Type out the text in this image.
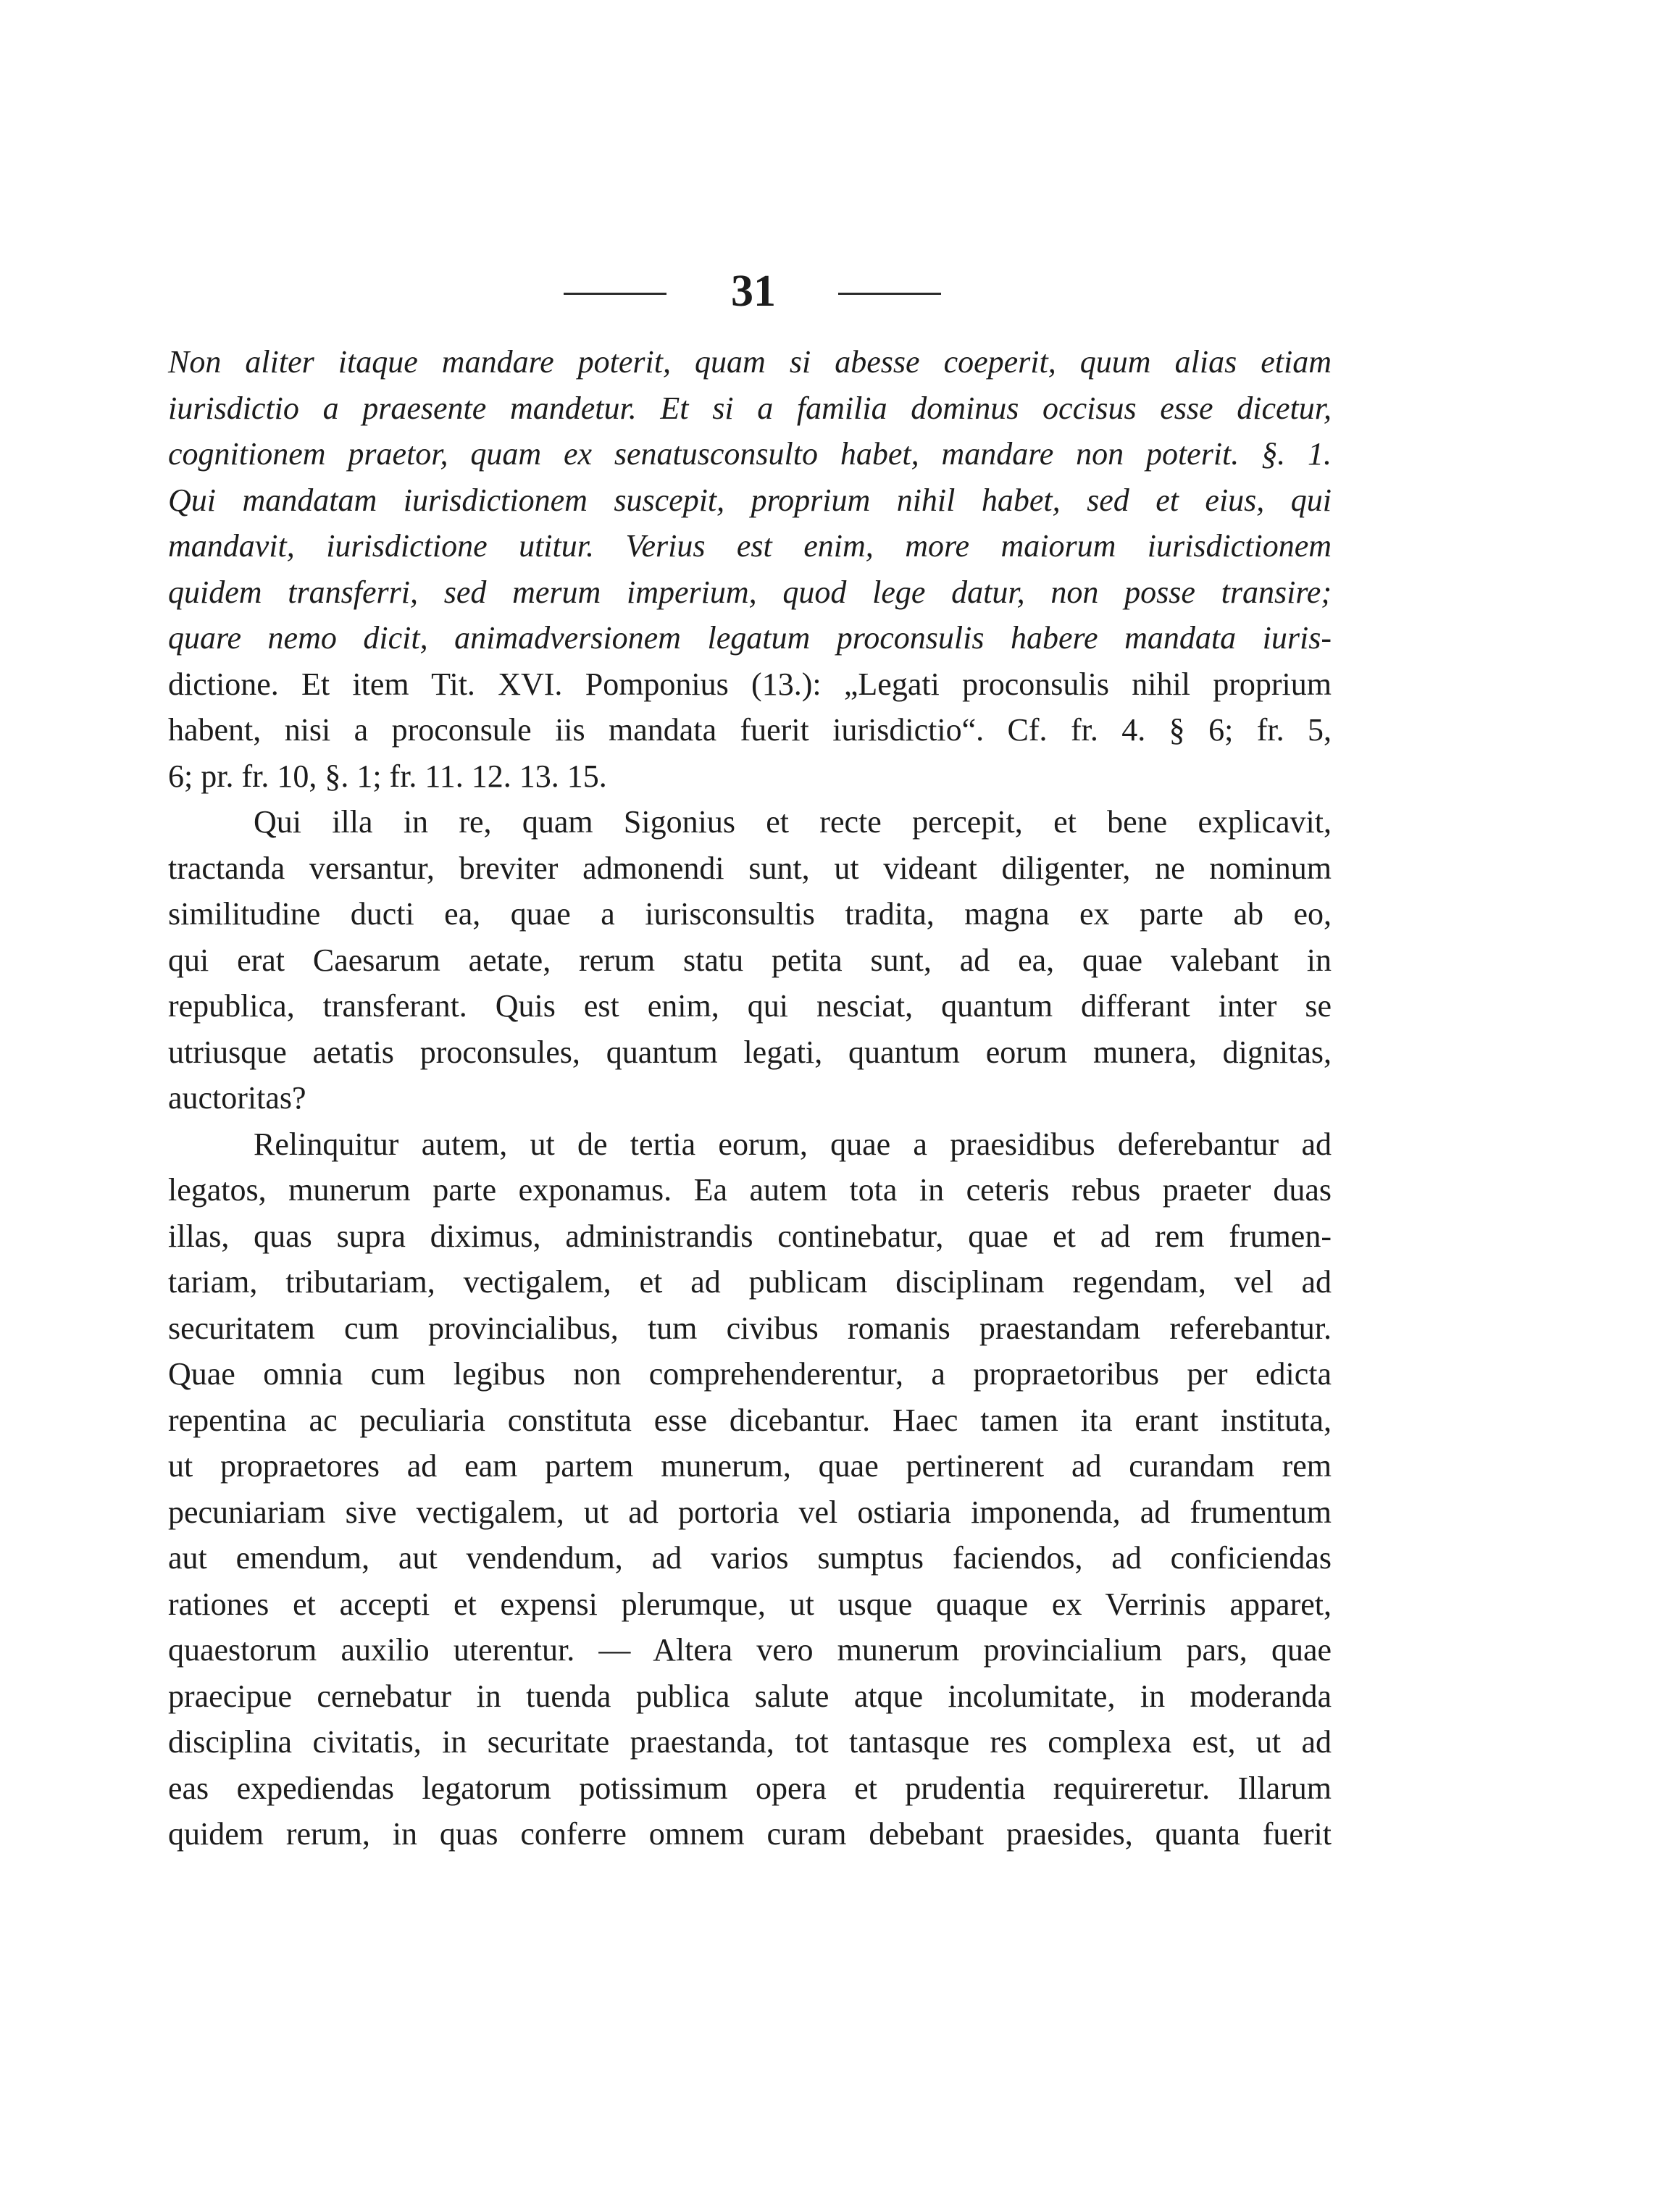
31
Non aliter itaque mandare poterit, quam si abesse coeperit, quum alias etiam
iurisdictio a praesente mandetur. Et si a familia dominus occisus esse dicetur,
cognitionem praetor, quam ex senatusconsulto habet, mandare non poterit. §. 1.
Qui mandatam iurisdictionem suscepit, proprium nihil habet, sed et eius, qui
mandavit, iurisdictione utitur. Verius est enim, more maiorum iurisdictionem
quidem transferri, sed merum imperium, quod lege datur, non posse transire;
quare nemo dicit, animadversionem legatum proconsulis habere mandata iuris-
dictione. Et item Tit. XVI. Pomponius (13.): „Legati proconsulis nihil proprium
habent, nisi a proconsule iis mandata fuerit iurisdictio“. Cf. fr. 4. § 6; fr. 5,
6; pr. fr. 10, §. 1; fr. 11. 12. 13. 15.
Qui illa in re, quam Sigonius et recte percepit, et bene explicavit,
tractanda versantur, breviter admonendi sunt, ut videant diligenter, ne nominum
similitudine ducti ea, quae a iurisconsultis tradita, magna ex parte ab eo,
qui erat Caesarum aetate, rerum statu petita sunt, ad ea, quae valebant in
republica, transferant. Quis est enim, qui nesciat, quantum differant inter se
utriusque aetatis proconsules, quantum legati, quantum eorum munera, dignitas,
auctoritas?
Relinquitur autem, ut de tertia eorum, quae a praesidibus deferebantur ad
legatos, munerum parte exponamus. Ea autem tota in ceteris rebus praeter duas
illas, quas supra diximus, administrandis continebatur, quae et ad rem frumen-
tariam, tributariam, vectigalem, et ad publicam disciplinam regendam, vel ad
securitatem cum provincialibus, tum civibus romanis praestandam referebantur.
Quae omnia cum legibus non comprehenderentur, a propraetoribus per edicta
repentina ac peculiaria constituta esse dicebantur. Haec tamen ita erant instituta,
ut propraetores ad eam partem munerum, quae pertinerent ad curandam rem
pecuniariam sive vectigalem, ut ad portoria vel ostiaria imponenda, ad frumentum
aut emendum, aut vendendum, ad varios sumptus faciendos, ad conficiendas
rationes et accepti et expensi plerumque, ut usque quaque ex Verrinis apparet,
quaestorum auxilio uterentur. — Altera vero munerum provincialium pars, quae
praecipue cernebatur in tuenda publica salute atque incolumitate, in moderanda
disciplina civitatis, in securitate praestanda, tot tantasque res complexa est, ut ad
eas expediendas legatorum potissimum opera et prudentia requireretur. Illarum
quidem rerum, in quas conferre omnem curam debebant praesides, quanta fuerit
